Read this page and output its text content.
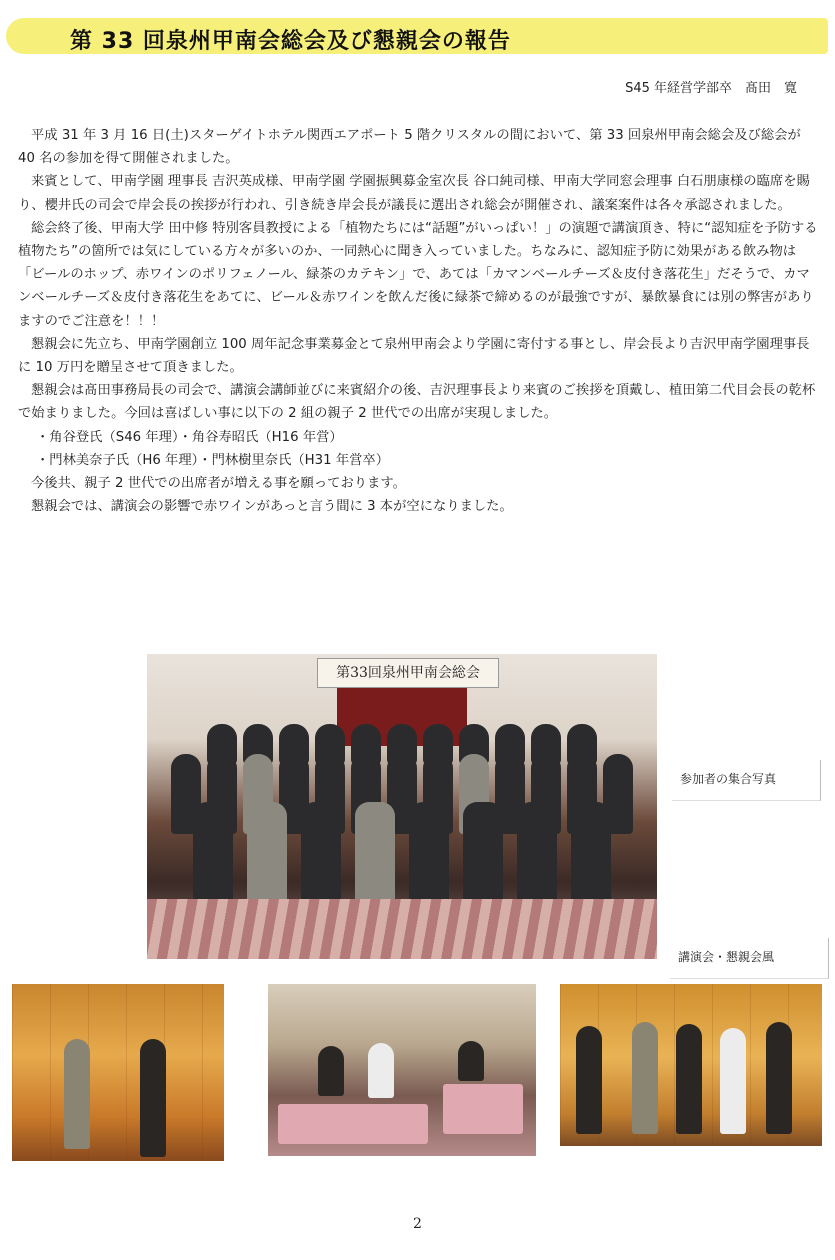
第 33 回泉州甲南会総会及び懇親会の報告
S45 年経営学部卒　髙田　寛

平成 31 年 3 月 16 日(土)スターゲイトホテル関西エアポート 5 階クリスタルの間において、第 33 回泉州甲南会総会及び総会が 40 名の参加を得て開催されました。

来賓として、甲南学園 理事長 吉沢英成様、甲南学園 学園振興募金室次長 谷口純司様、甲南大学同窓会理事 白石朋康様の臨席を賜り、櫻井氏の司会で岸会長の挨拶が行われ、引き続き岸会長が議長に選出され総会が開催され、議案案件は各々承認されました。

総会終了後、甲南大学 田中修 特別客員教授による「植物たちには“話題”がいっぱい！」の演題で講演頂き、特に“認知症を予防する植物たち”の箇所では気にしている方々が多いのか、一同熱心に聞き入っていました。ちなみに、認知症予防に効果がある飲み物は「ビールのホップ、赤ワインのポリフェノール、緑茶のカテキン」で、あては「カマンベールチーズ＆皮付き落花生」だそうで、カマンベールチーズ＆皮付き落花生をあてに、ビール＆赤ワインを飲んだ後に緑茶で締めるのが最強ですが、暴飲暴食には別の弊害がありますのでご注意を！！！

懇親会に先立ち、甲南学園創立 100 周年記念事業募金とて泉州甲南会より学園に寄付する事とし、岸会長より吉沢甲南学園理事長に 10 万円を贈呈させて頂きました。

懇親会は髙田事務局長の司会で、講演会講師並びに来賓紹介の後、吉沢理事長より来賓のご挨拶を頂戴し、植田第二代目会長の乾杯で始まりました。今回は喜ばしい事に以下の 2 組の親子 2 世代での出席が実現しました。

・角谷登氏（S46 年理）・角谷寿昭氏（H16 年営）

・門林美奈子氏（H6 年理）・門林樹里奈氏（H31 年営卒）

今後共、親子 2 世代での出席者が増える事を願っております。

懇親会では、講演会の影響で赤ワインがあっと言う間に 3 本が空になりました。

第33回泉州甲南会総会
参加者の集合写真
講演会・懇親会風
2
